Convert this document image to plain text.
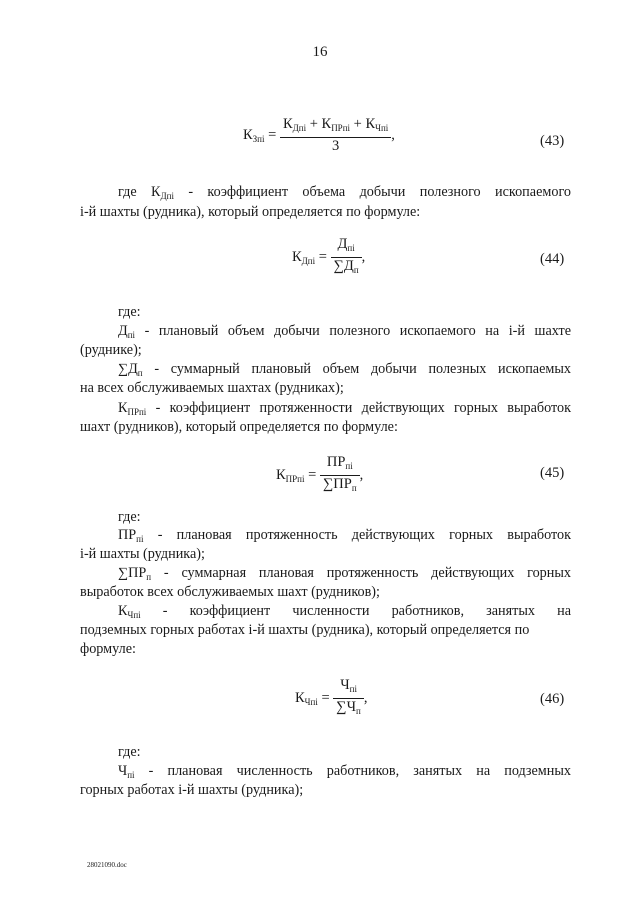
16
$К_{Зпi} = \frac{К_{Дпi} + К_{ПРпi} + К_{Чпi}}{3}$ ,	(43)
где $К_{Дпi}$ - коэффициент объема добычи полезного ископаемого
i-й шахты (рудника), который определяется по формуле:
$К_{Дпi} = \frac{Д_{пi}}{\sum Д_п}$ ,	(44)
где:
$Д_{пi}$ - плановый объем добычи полезного ископаемого на i-й шахте
(руднике);
$\sum Д_п$ - суммарный плановый объем добычи полезных ископаемых
на всех обслуживаемых шахтах (рудниках);
$К_{ПРпi}$ - коэффициент протяженности действующих горных выработок
шахт (рудников), который определяется по формуле:
$К_{ПРпi} = \frac{ПР_{пi}}{\sum ПР_п}$ ,	(45)
где:
$ПР_{пi}$ - плановая протяженность действующих горных выработок
i-й шахты (рудника);
$\sum ПР_п$ - суммарная плановая протяженность действующих горных
выработок всех обслуживаемых шахт (рудников);
$К_{Чпi}$ - коэффициент численности работников, занятых на
подземных горных работах i-й шахты (рудника), который определяется по
формуле:
$К_{Чпi} = \frac{Ч_{пi}}{\sum Ч_п}$ ,	(46)
где:
$Ч_{пi}$ - плановая численность работников, занятых на подземных
горных работах i-й шахты (рудника);
28021090.doc
